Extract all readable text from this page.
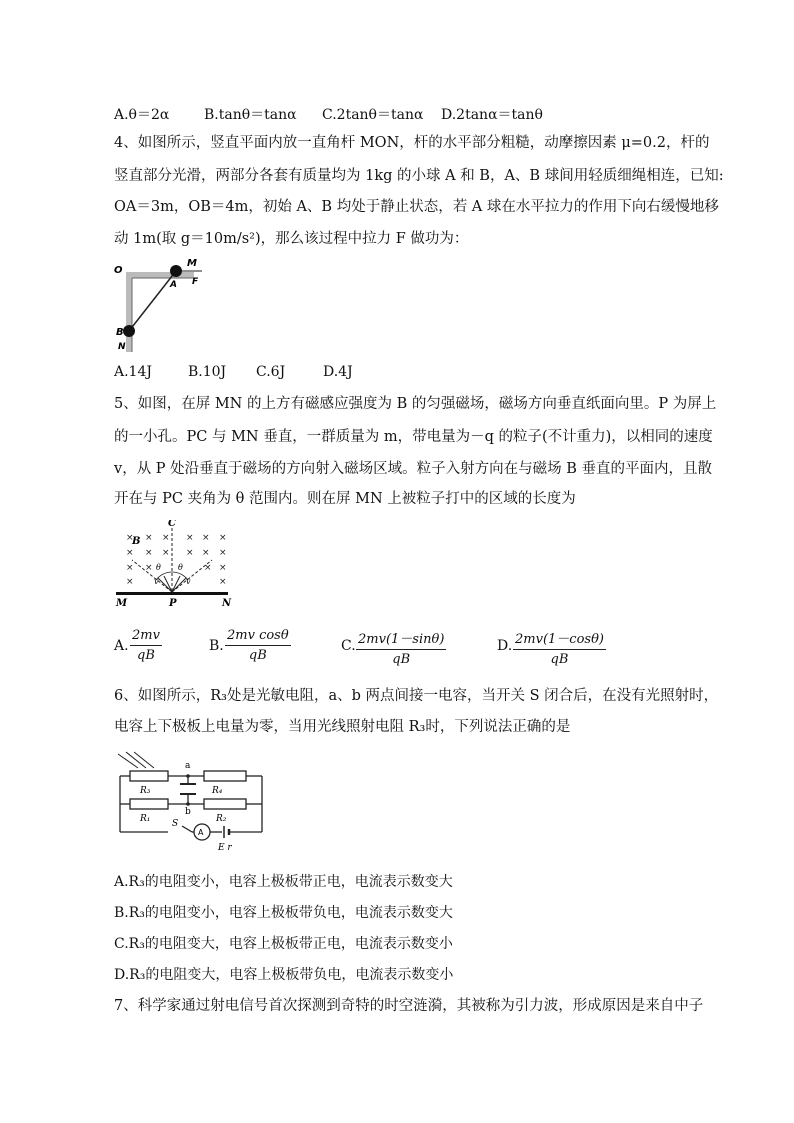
A.θ＝2α B.tanθ＝tanα C.2tanθ＝tanα D.2tanα＝tanθ
4、如图所示，竖直平面内放一直角杆 MON，杆的水平部分粗糙，动摩擦因素 μ=0.2，杆的
竖直部分光滑，两部分各套有质量均为 1kg 的小球 A 和 B，A、B 球间用轻质细绳相连，已知:
OA＝3m，OB＝4m，初始 A、B 均处于静止状态，若 A 球在水平拉力的作用下向右缓慢地移
动 1m(取 g＝10m/s²)，那么该过程中拉力 F 做功为：
O
M
A F
B
N
A.14J	B.10J C.6J	D.4J
5、如图，在屏 MN 的上方有磁感应强度为 B 的匀强磁场，磁场方向垂直纸面向里。P 为屏上
的一小孔。PC 与 MN 垂直，一群质量为 m，带电量为－q 的粒子(不计重力)，以相同的速度
v，从 P 处沿垂直于磁场的方向射入磁场区域。粒子入射方向在与磁场 B 垂直的平面内，且散
开在与 PC 夹角为 θ 范围内。则在屏 MN 上被粒子打中的区域的长度为
× × × × × ×
× × × × × ×
× ×	× ×
×	×
C
B
θ θ
v	v
M	P	N
A. $\frac{2mv}{qB}$	B. $\frac{\text{2mv cosθ}}{qB}$	C. $\frac{2mv(1-\sin\theta)}{qB}$	D. $\frac{2mv(1-\cos\theta)}{qB}$
6、如图所示，R₃处是光敏电阻，a、b 两点间接一电容，当开关 S 闭合后，在没有光照射时，
电容上下极板上电量为零，当用光线照射电阻 R₃时，下列说法正确的是
R₃	R₄
R₁	R₂
a
b
S
A
E r
A.R₃的电阻变小，电容上极板带正电，电流表示数变大
B.R₃的电阻变小，电容上极板带负电，电流表示数变大
C.R₃的电阻变大，电容上极板带正电，电流表示数变小
D.R₃的电阻变大，电容上极板带负电，电流表示数变小
7、科学家通过射电信号首次探测到奇特的时空涟漪，其被称为引力波，形成原因是来自中子
